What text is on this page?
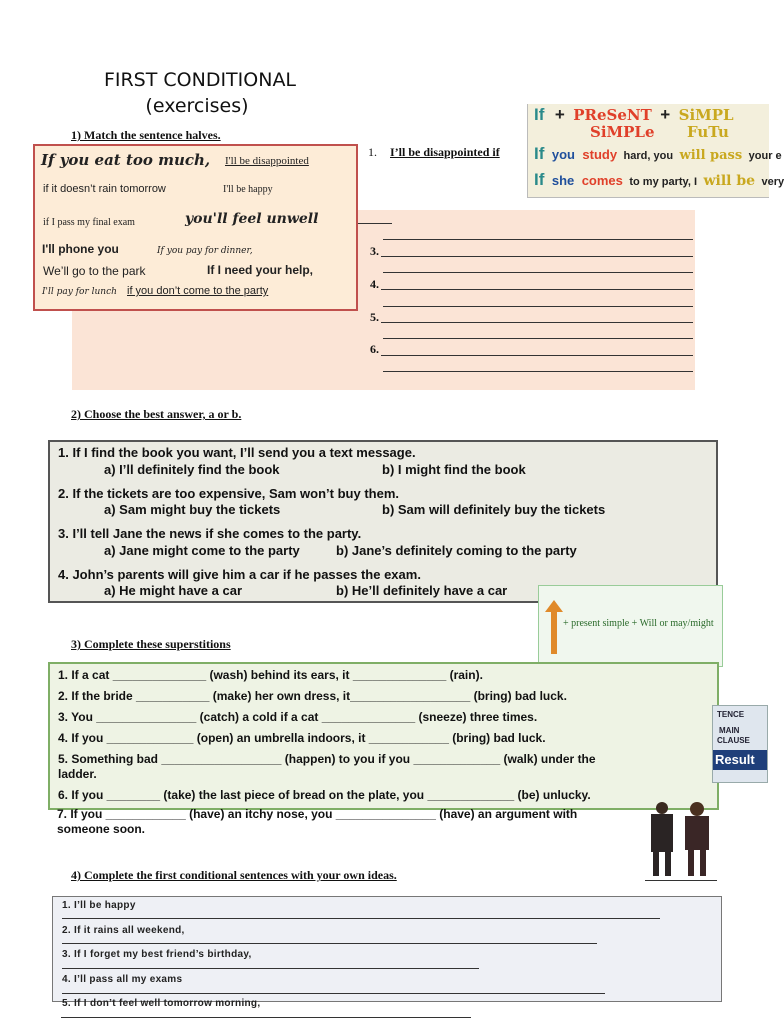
FIRST CONDITIONAL
(exercises)
1) Match the sentence halves.
If you eat too much, I'll be disappointed
if it doesn’t rain tomorrow	I'll be happy
if I pass my final exam	you'll feel unwell
I'll phone you	If you pay for dinner,
We’ll go to the park	If I need your help,
I'll pay for lunch if you don’t come to the party
1. I’ll be disappointed if
3.
4.
5.
6.
If + PReSeNT + SiMPL
SiMPLe FuTu
If you study hard, you will pass your e
If she comes to my party, I will be very
2) Choose the best answer, a or b.
1. If I find the book you want, I’ll send you a text message.
a) I’ll definitely find the book	b) I might find the book
2. If the tickets are too expensive, Sam won’t buy them.
a) Sam might buy the tickets	b) Sam will definitely buy the tickets
3. I’ll tell Jane the news if she comes to the party.
a) Jane might come to the party	b) Jane’s definitely coming to the party
4. John’s parents will give him a car if he passes the exam.
a) He might have a car	b) He’ll definitely have a car
+ present simple + Will or may/might
3) Complete these superstitions
1. If a cat ______________ (wash) behind its ears, it ______________ (rain).
2. If the bride ___________ (make) her own dress, it__________________ (bring) bad luck.
3. You _______________ (catch) a cold if a cat ______________ (sneeze) three times.
4. If you _____________ (open) an umbrella indoors, it ____________ (bring) bad luck.
5. Something bad __________________ (happen) to you if you _____________ (walk) under the
ladder.
6. If you ________ (take) the last piece of bread on the plate, you _____________ (be) unlucky.
7. If you ____________ (have) an itchy nose, you _______________ (have) an argument with
someone soon.
TENCE
MAIN
CLAUSE
Result
4) Complete the first conditional sentences with your own ideas.
1. I’ll be happy
2. If it rains all weekend,
3. If I forget my best friend’s birthday,
4. I’ll pass all my exams
5. If I don’t feel well tomorrow morning,
